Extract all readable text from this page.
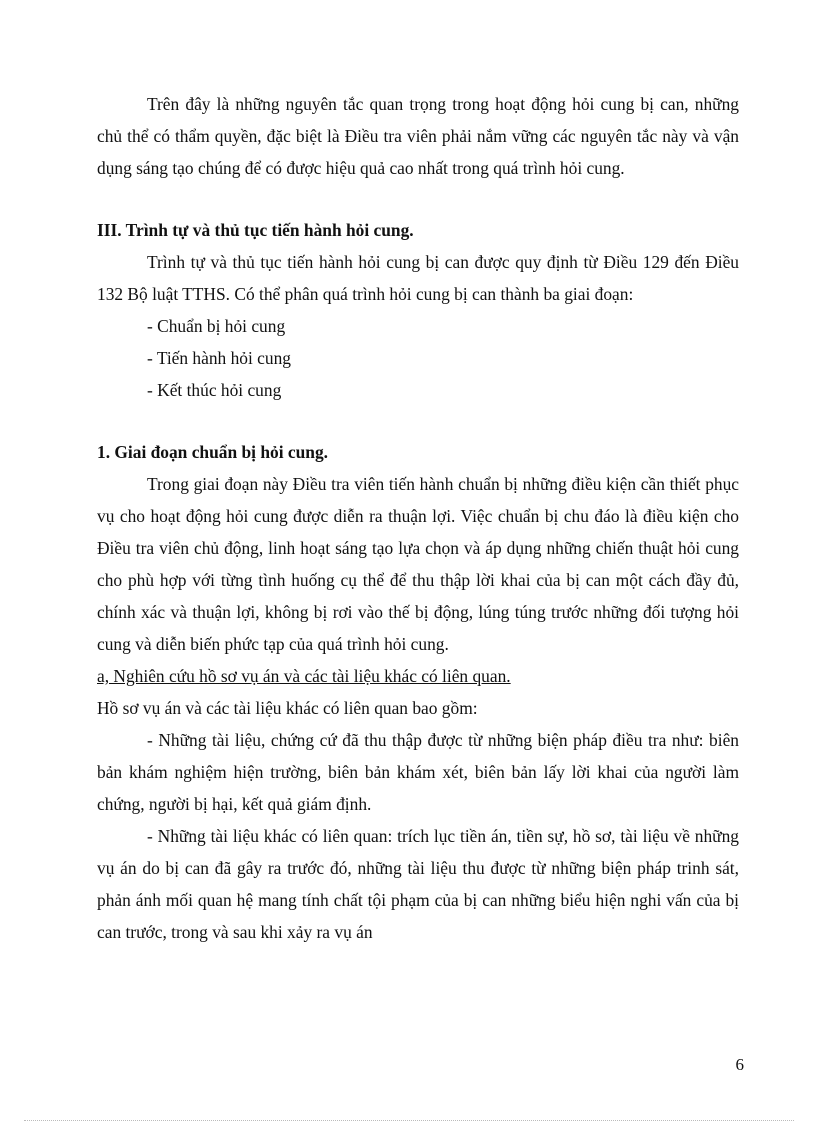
Trên đây là những nguyên tắc quan trọng trong hoạt động hỏi cung bị can, những chủ thể có thẩm quyền, đặc biệt là Điều tra viên phải nắm vững các nguyên tắc này và vận dụng sáng tạo chúng để có được hiệu quả cao nhất trong quá trình hỏi cung.

III. Trình tự và thủ tục tiến hành hỏi cung.

Trình tự và thủ tục tiến hành hỏi cung bị can được quy định từ Điều 129 đến Điều 132 Bộ luật TTHS. Có thể phân quá trình hỏi cung bị can thành ba giai đoạn:

- Chuẩn bị hỏi cung

- Tiến hành hỏi cung

- Kết thúc hỏi cung

1. Giai đoạn chuẩn bị hỏi cung.

Trong giai đoạn này Điều tra viên tiến hành chuẩn bị những điều kiện cần thiết phục vụ cho hoạt động hỏi cung được diễn ra thuận lợi. Việc chuẩn bị chu đáo là điều kiện cho Điều tra viên chủ động, linh hoạt sáng tạo lựa chọn và áp dụng những chiến thuật hỏi cung cho phù hợp với từng tình huống cụ thể để thu thập lời khai của bị can một cách đầy đủ, chính xác và thuận lợi, không bị rơi vào thế bị động, lúng túng trước những đối tượng hỏi cung và diễn biến phức tạp của quá trình hỏi cung.

a, Nghiên cứu hồ sơ vụ án và các tài liệu khác có liên quan.

Hồ sơ vụ án và các tài liệu khác có liên quan bao gồm:

- Những tài liệu, chứng cứ đã thu thập được từ những biện pháp điều tra như: biên bản khám nghiệm hiện trường, biên bản khám xét, biên bản lấy lời khai của người làm chứng, người bị hại, kết quả giám định.

- Những tài liệu khác có liên quan: trích lục tiền án, tiền sự, hồ sơ, tài liệu về những vụ án do bị can đã gây ra trước đó, những tài liệu thu được từ những biện pháp trinh sát, phản ánh mối quan hệ mang tính chất tội phạm của bị can những biểu hiện nghi vấn của bị can trước, trong và sau khi xảy ra vụ án

6
